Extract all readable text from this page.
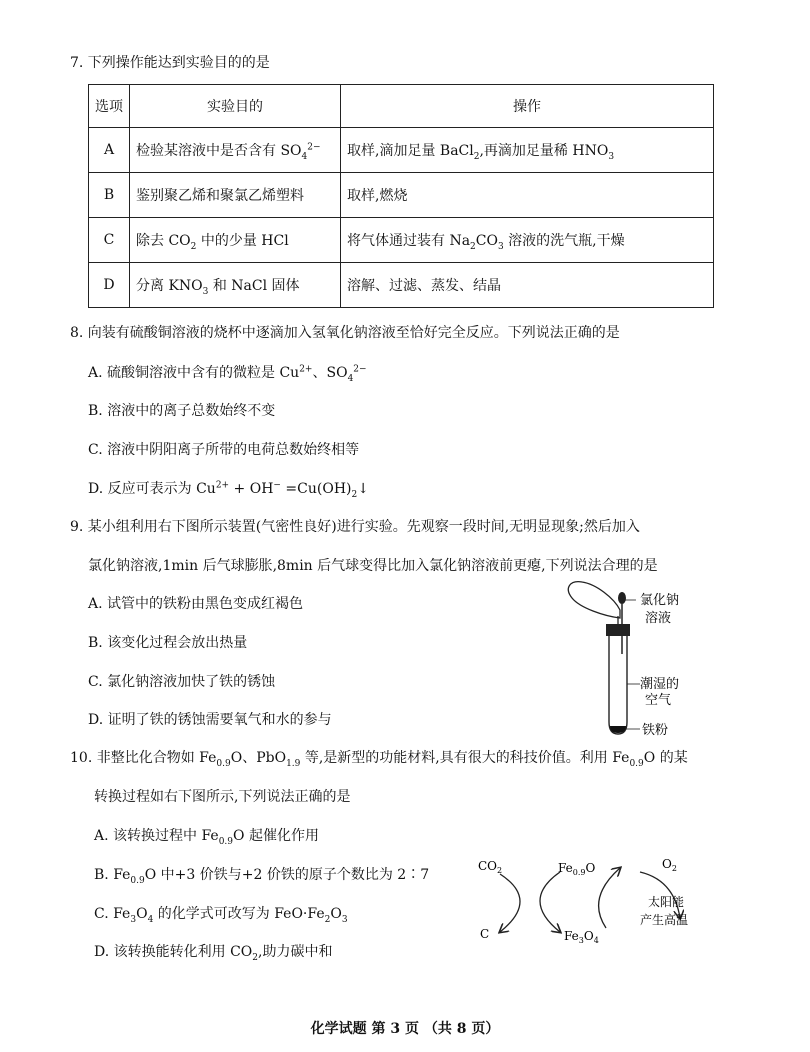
7. 下列操作能达到实验目的的是
选项	实验目的	操作
A	检验某溶液中是否含有 $SO_4^{2-}$	取样,滴加足量 BaCl$_2$,再滴加足量稀 $HNO_3$
B	鉴别聚乙烯和聚氯乙烯塑料	取样,燃烧
C	除去 $CO_2$ 中的少量 HCl	将气体通过装有 $Na_2CO_3$ 溶液的洗气瓶,干燥
D	分离 $KNO_3$ 和 NaCl 固体	溶解、过滤、蒸发、结晶
8. 向装有硫酸铜溶液的烧杯中逐滴加入氢氧化钠溶液至恰好完全反应。下列说法正确的是
A. 硫酸铜溶液中含有的微粒是 $Cu^{2+}$、$SO_4^{2-}$
B. 溶液中的离子总数始终不变
C. 溶液中阴阳离子所带的电荷总数始终相等
D. 反应可表示为 $Cu^{2+} + OH^-$ $=Cu(OH)_2↓$
9. 某小组利用右下图所示装置(气密性良好)进行实验。先观察一段时间,无明显现象;然后加入
氯化钠溶液,1min 后气球膨胀,8min 后气球变得比加入氯化钠溶液前更瘪,下列说法合理的是
A. 试管中的铁粉由黑色变成红褐色
B. 该变化过程会放出热量
C. 氯化钠溶液加快了铁的锈蚀
D. 证明了铁的锈蚀需要氧气和水的参与
氯化钠
溶液
潮湿的
空气
铁粉
10. 非整比化合物如 $Fe_{0.9}O$、PbO$_{1.9}$ 等,是新型的功能材料,具有很大的科技价值。利用 $Fe_{0.9}O$ 的某
转换过程如右下图所示,下列说法正确的是
A. 该转换过程中 $Fe_{0.9}O$ 起催化作用
B. $Fe_{0.9}O$ 中+3 价铁与+2 价铁的原子个数比为 2∶7
C. $Fe_3O_4$ 的化学式可改写为 $FeO\cdot Fe_2O_3$
D. 该转换能转化利用 $CO_2$,助力碳中和
$CO_2$
C
$Fe_{0.9}O$
$Fe_3O_4$
$O_2$
太阳能
产生高温
化学试题 第 3 页 （共 8 页）
